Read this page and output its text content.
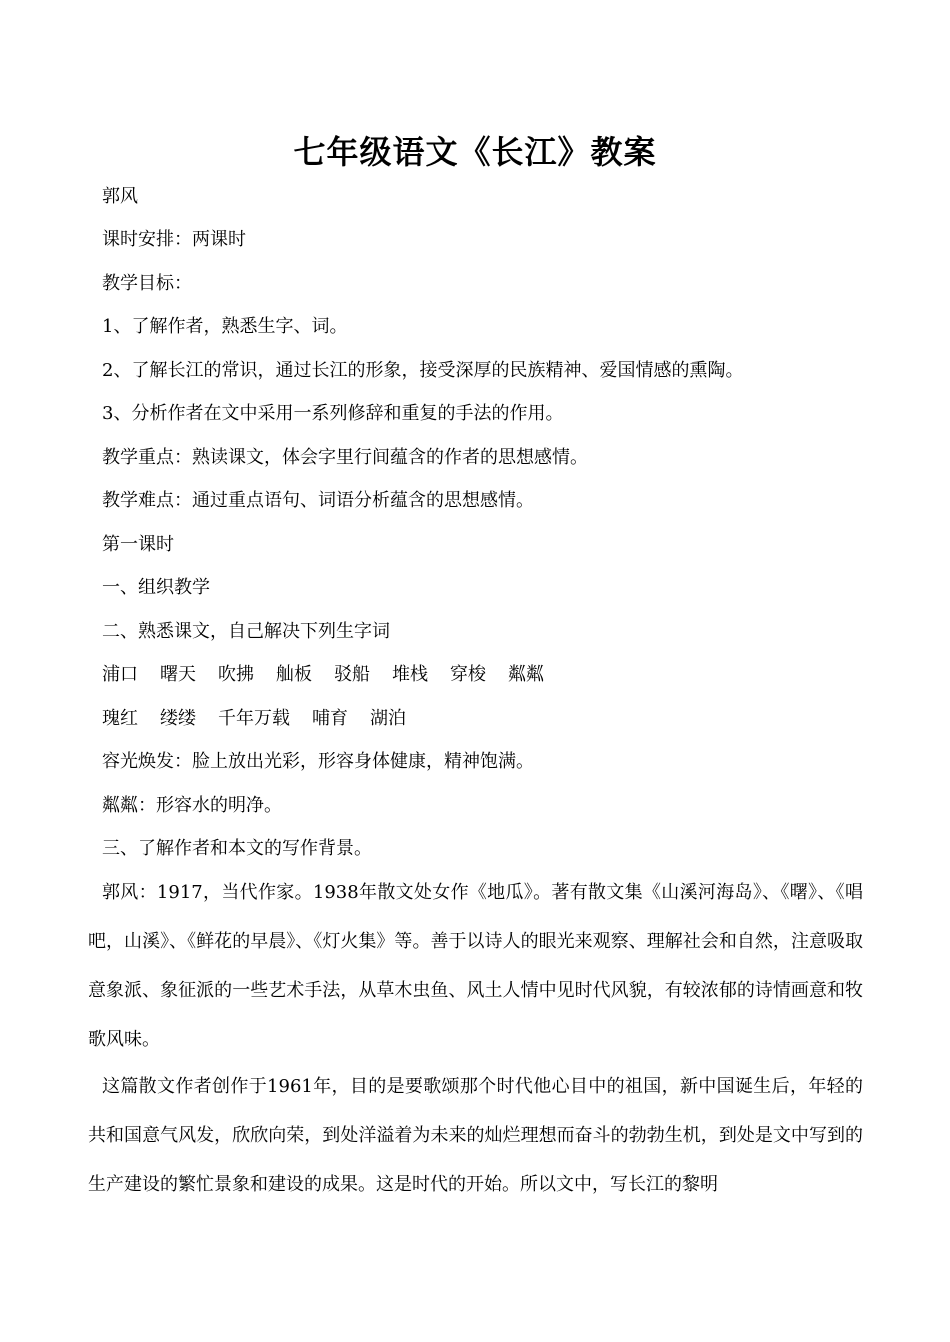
七年级语文《长江》教案
郭风
课时安排：两课时
教学目标：
1、了解作者，熟悉生字、词。
2、了解长江的常识，通过长江的形象，接受深厚的民族精神、爱国情感的熏陶。
3、分析作者在文中采用一系列修辞和重复的手法的作用。
教学重点：熟读课文，体会字里行间蕴含的作者的思想感情。
教学难点：通过重点语句、词语分析蕴含的思想感情。
第一课时
一、组织教学
二、熟悉课文，自己解决下列生字词
浦口 曙天 吹拂 舢板 驳船 堆栈 穿梭 粼粼
瑰红 缕缕 千年万载 哺育 湖泊
容光焕发：脸上放出光彩，形容身体健康，精神饱满。
粼粼：形容水的明净。
三、了解作者和本文的写作背景。
郭风：1917，当代作家。1938年散文处女作《地瓜》。著有散文集《山溪河海岛》、《曙》、《唱吧，山溪》、《鲜花的早晨》、《灯火集》等。善于以诗人的眼光来观察、理解社会和自然，注意吸取意象派、象征派的一些艺术手法，从草木虫鱼、风土人情中见时代风貌，有较浓郁的诗情画意和牧歌风味。
这篇散文作者创作于1961年，目的是要歌颂那个时代他心目中的祖国，新中国诞生后，年轻的共和国意气风发，欣欣向荣，到处洋溢着为未来的灿烂理想而奋斗的勃勃生机，到处是文中写到的生产建设的繁忙景象和建设的成果。这是时代的开始。所以文中，写长江的黎明
